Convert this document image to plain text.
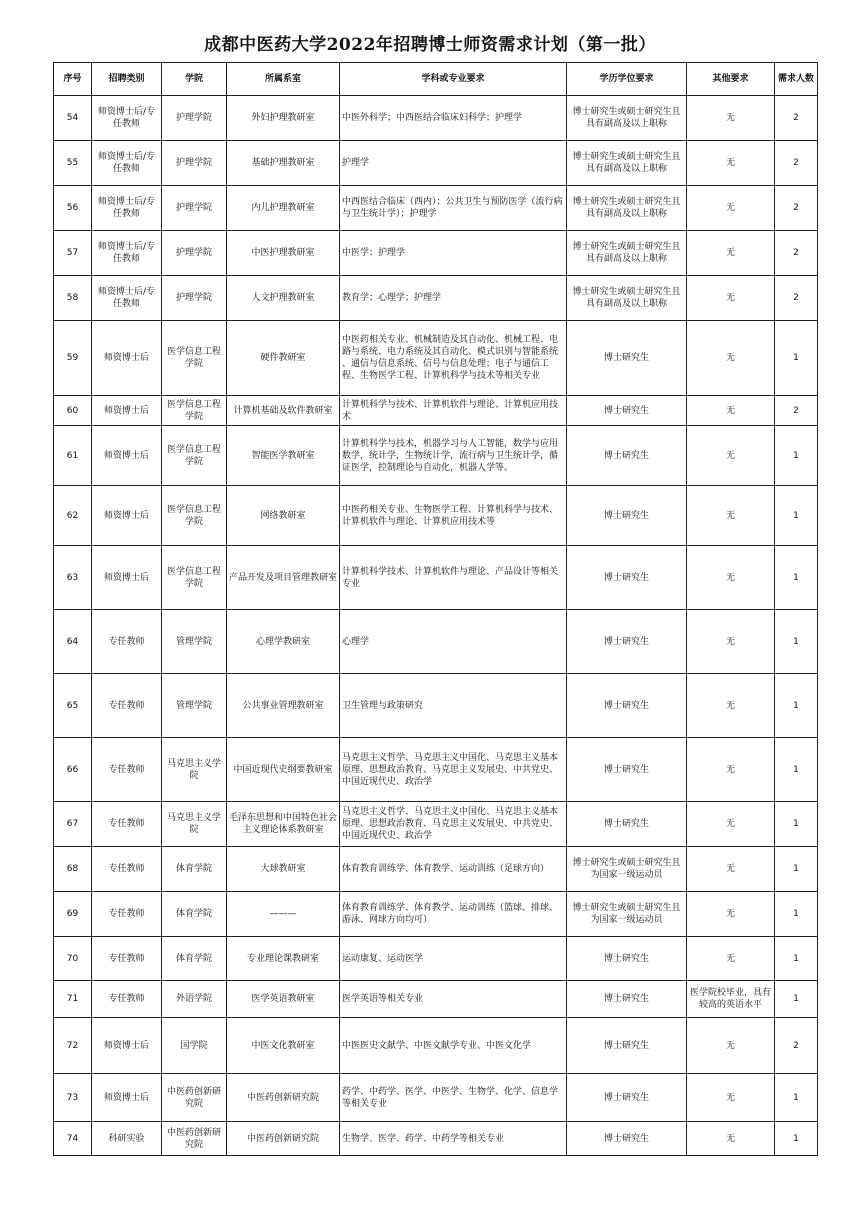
成都中医药大学2022年招聘博士师资需求计划（第一批）
序号	招聘类别	学院	所属系室	学科或专业要求	学历学位要求	其他要求	需求人数
54	师资博士后/专任教师	护理学院	外妇护理教研室	中医外科学；中西医结合临床妇科学；护理学	博士研究生或硕士研究生且具有副高及以上职称	无	2
55	师资博士后/专任教师	护理学院	基础护理教研室	护理学	博士研究生或硕士研究生且具有副高及以上职称	无	2
56	师资博士后/专任教师	护理学院	内儿护理教研室	中西医结合临床（西内）；公共卫生与预防医学（流行病与卫生统计学）；护理学	博士研究生或硕士研究生且具有副高及以上职称	无	2
57	师资博士后/专任教师	护理学院	中医护理教研室	中医学；护理学	博士研究生或硕士研究生且具有副高及以上职称	无	2
58	师资博士后/专任教师	护理学院	人文护理教研室	教育学；心理学；护理学	博士研究生或硕士研究生且具有副高及以上职称	无	2
59	师资博士后	医学信息工程学院	硬件教研室	中医药相关专业、机械制造及其自动化、机械工程、电路与系统、电力系统及其自动化、模式识别与智能系统 、通信与信息系统、信号与信息处理；电子与通信工程、生物医学工程、计算机科学与技术等相关专业	博士研究生	无	1
60	师资博士后	医学信息工程学院	计算机基础及软件教研室	计算机科学与技术、计算机软件与理论、计算机应用技术	博士研究生	无	2
61	师资博士后	医学信息工程学院	智能医学教研室	计算机科学与技术，机器学习与人工智能，数学与应用数学，统计学，生物统计学，流行病与卫生统计学，循证医学，控制理论与自动化，机器人学等。	博士研究生	无	1
62	师资博士后	医学信息工程学院	网络教研室	中医药相关专业、生物医学工程、计算机科学与技术、计算机软件与理论、计算机应用技术等	博士研究生	无	1
63	师资博士后	医学信息工程学院	产品开发及项目管理教研室	计算机科学技术、计算机软件与理论、产品设计等相关专业	博士研究生	无	1
64	专任教师	管理学院	心理学教研室	心理学	博士研究生	无	1
65	专任教师	管理学院	公共事业管理教研室	卫生管理与政策研究	博士研究生	无	1
66	专任教师	马克思主义学院	中国近现代史纲要教研室	马克思主义哲学、马克思主义中国化、马克思主义基本原理、思想政治教育、马克思主义发展史、中共党史、中国近现代史、政治学	博士研究生	无	1
67	专任教师	马克思主义学院	毛泽东思想和中国特色社会主义理论体系教研室	马克思主义哲学、马克思主义中国化、马克思主义基本原理、思想政治教育、马克思主义发展史、中共党史、中国近现代史、政治学	博士研究生	无	1
68	专任教师	体育学院	大球教研室	体育教育训练学、体育教学、运动训练（足球方向）	博士研究生或硕士研究生且为国家一级运动员	无	1
69	专任教师	体育学院	———	体育教育训练学、体育教学、运动训练（篮球、排球、游泳、网球方向均可）	博士研究生或硕士研究生且为国家一级运动员	无	1
70	专任教师	体育学院	专业理论课教研室	运动康复、运动医学	博士研究生	无	1
71	专任教师	外语学院	医学英语教研室	医学英语等相关专业	博士研究生	医学院校毕业，具有较高的英语水平	1
72	师资博士后	国学院	中医文化教研室	中医医史文献学、中医文献学专业、中医文化学	博士研究生	无	2
73	师资博士后	中医药创新研究院	中医药创新研究院	药学、中药学、医学、中医学、生物学、化学、信息学等相关专业	博士研究生	无	1
74	科研实验	中医药创新研究院	中医药创新研究院	生物学、医学、药学、中药学等相关专业	博士研究生	无	1
